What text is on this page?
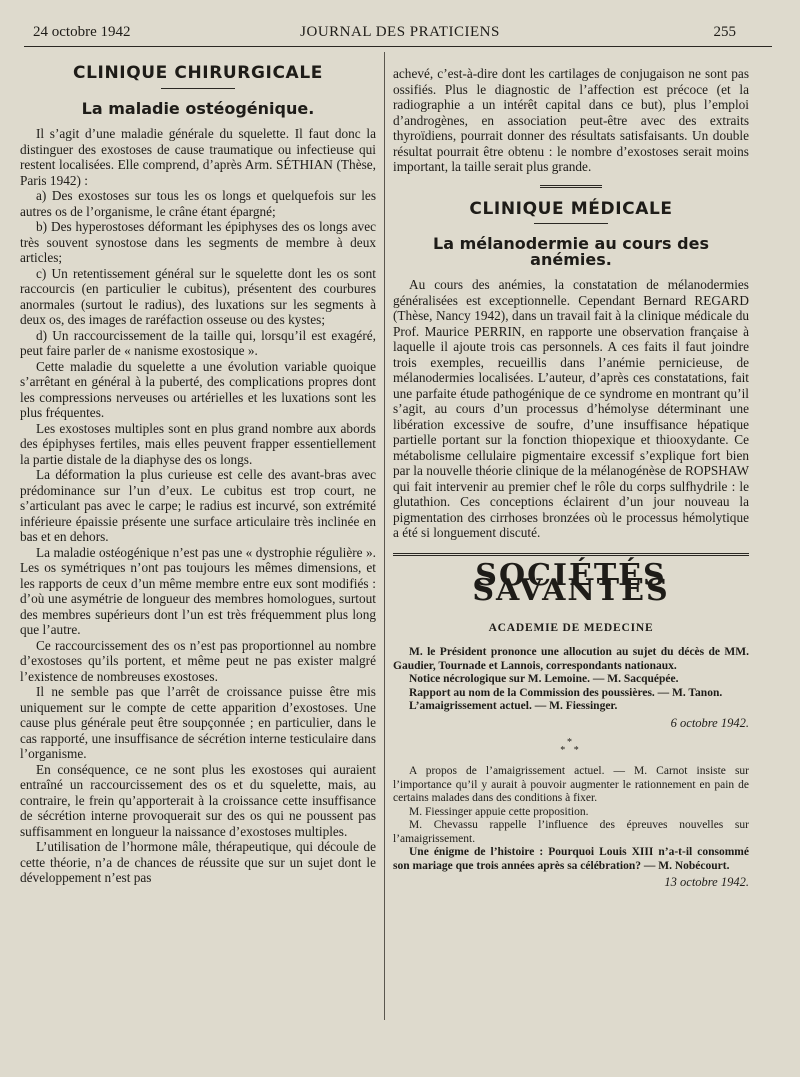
24 octobre 1942	JOURNAL DES PRATICIENS	255
CLINIQUE CHIRURGICALE
La maladie ostéogénique.

Il s’agit d’une maladie générale du squelette. Il faut donc la distinguer des exostoses de cause traumatique ou infectieuse qui restent localisées. Elle comprend, d’après Arm. SÉTHIAN (Thèse, Paris 1942) :

a) Des exostoses sur tous les os longs et quelquefois sur les autres os de l’organisme, le crâne étant épargné;

b) Des hyperostoses déformant les épiphyses des os longs avec très souvent synostose dans les segments de membre à deux articles;

c) Un retentissement général sur le squelette dont les os sont raccourcis (en particulier le cubitus), présentent des courbures anormales (surtout le radius), des luxations sur les segments à deux os, des images de raréfaction osseuse ou des kystes;

d) Un raccourcissement de la taille qui, lorsqu’il est exagéré, peut faire parler de « nanisme exostosique ».

Cette maladie du squelette a une évolution variable quoique s’arrêtant en général à la puberté, des complications propres dont les compressions nerveuses ou artérielles et les luxations sont les plus fréquentes.

Les exostoses multiples sont en plus grand nombre aux abords des épiphyses fertiles, mais elles peuvent frapper essentiellement la partie distale de la diaphyse des os longs.

La déformation la plus curieuse est celle des avant-bras avec prédominance sur l’un d’eux. Le cubitus est trop court, ne s’articulant pas avec le carpe; le radius est incurvé, son extrémité inférieure épaissie présente une surface articulaire très inclinée en bas et en dehors.

La maladie ostéogénique n’est pas une « dystrophie régulière ». Les os symétriques n’ont pas toujours les mêmes dimensions, et les rapports de ceux d’un même membre entre eux sont modifiés : d’où une asymétrie de longueur des membres homologues, surtout des membres supérieurs dont l’un est très fréquemment plus long que l’autre.

Ce raccourcissement des os n’est pas proportionnel au nombre d’exostoses qu’ils portent, et même peut ne pas exister malgré l’existence de nombreuses exostoses.

Il ne semble pas que l’arrêt de croissance puisse être mis uniquement sur le compte de cette apparition d’exostoses. Une cause plus générale peut être soupçonnée ; en particulier, dans le cas rapporté, une insuffisance de sécrétion interne testiculaire dans l’organisme.

En conséquence, ce ne sont plus les exostoses qui auraient entraîné un raccourcissement des os et du squelette, mais, au contraire, le frein qu’apporterait à la croissance cette insuffisance de sécrétion interne provoquerait sur des os qui ne poussent pas suffisamment en longueur la naissance d’exostoses multiples.

L’utilisation de l’hormone mâle, thérapeutique, qui découle de cette théorie, n’a de chances de réussite que sur un sujet dont le développement n’est pas

achevé, c’est-à-dire dont les cartilages de conjugaison ne sont pas ossifiés. Plus le diagnostic de l’affection est précoce (et la radiographie a un intérêt capital dans ce but), plus l’emploi d’androgènes, en association peut-être avec des extraits thyroïdiens, pourrait donner des résultats satisfaisants. Un double résultat pourrait être obtenu : le nombre d’exostoses serait moins important, la taille serait plus grande.

CLINIQUE MÉDICALE
La mélanodermie au cours des anémies.

Au cours des anémies, la constatation de mélanodermies généralisées est exceptionnelle. Cependant Bernard REGARD (Thèse, Nancy 1942), dans un travail fait à la clinique médicale du Prof. Maurice PERRIN, en rapporte une observation française à laquelle il ajoute trois cas personnels. A ces faits il faut joindre trois exemples, recueillis dans l’anémie pernicieuse, de mélanodermies localisées. L’auteur, d’après ces constatations, fait une parfaite étude pathogénique de ce syndrome en montrant qu’il s’agit, au cours d’un processus d’hémolyse déterminant une libération excessive de soufre, d’une insuffisance hépatique partielle portant sur la fonction thiopexique et thiooxydante. Ce métabolisme cellulaire pigmentaire excessif s’explique fort bien par la nouvelle théorie clinique de la mélanogénèse de ROPSHAW qui fait intervenir au premier chef le rôle du corps sulfhydrile : le glutathion. Ces conceptions éclairent d’un jour nouveau la pigmentation des cirrhoses bronzées où le processus hémolytique a été si longuement discuté.

SOCIÉTÉS SAVANTES
ACADEMIE DE MEDECINE

M. le Président prononce une allocution au sujet du décès de MM. Gaudier, Tournade et Lannois, correspondants nationaux.

Notice nécrologique sur M. Lemoine. — M. Sacquépée.

Rapport au nom de la Commission des poussières. — M. Tanon.

L’amaigrissement actuel. — M. Fiessinger.

6 octobre 1942.
*
* *

A propos de l’amaigrissement actuel. — M. Carnot insiste sur l’importance qu’il y aurait à pouvoir augmenter le rationnement en pain de certains malades dans des conditions à fixer.

M. Fiessinger appuie cette proposition.

M. Chevassu rappelle l’influence des épreuves nouvelles sur l’amaigrissement.

Une énigme de l’histoire : Pourquoi Louis XIII n’a-t-il consommé son mariage que trois années après sa célébration? — M. Nobécourt.

13 octobre 1942.
